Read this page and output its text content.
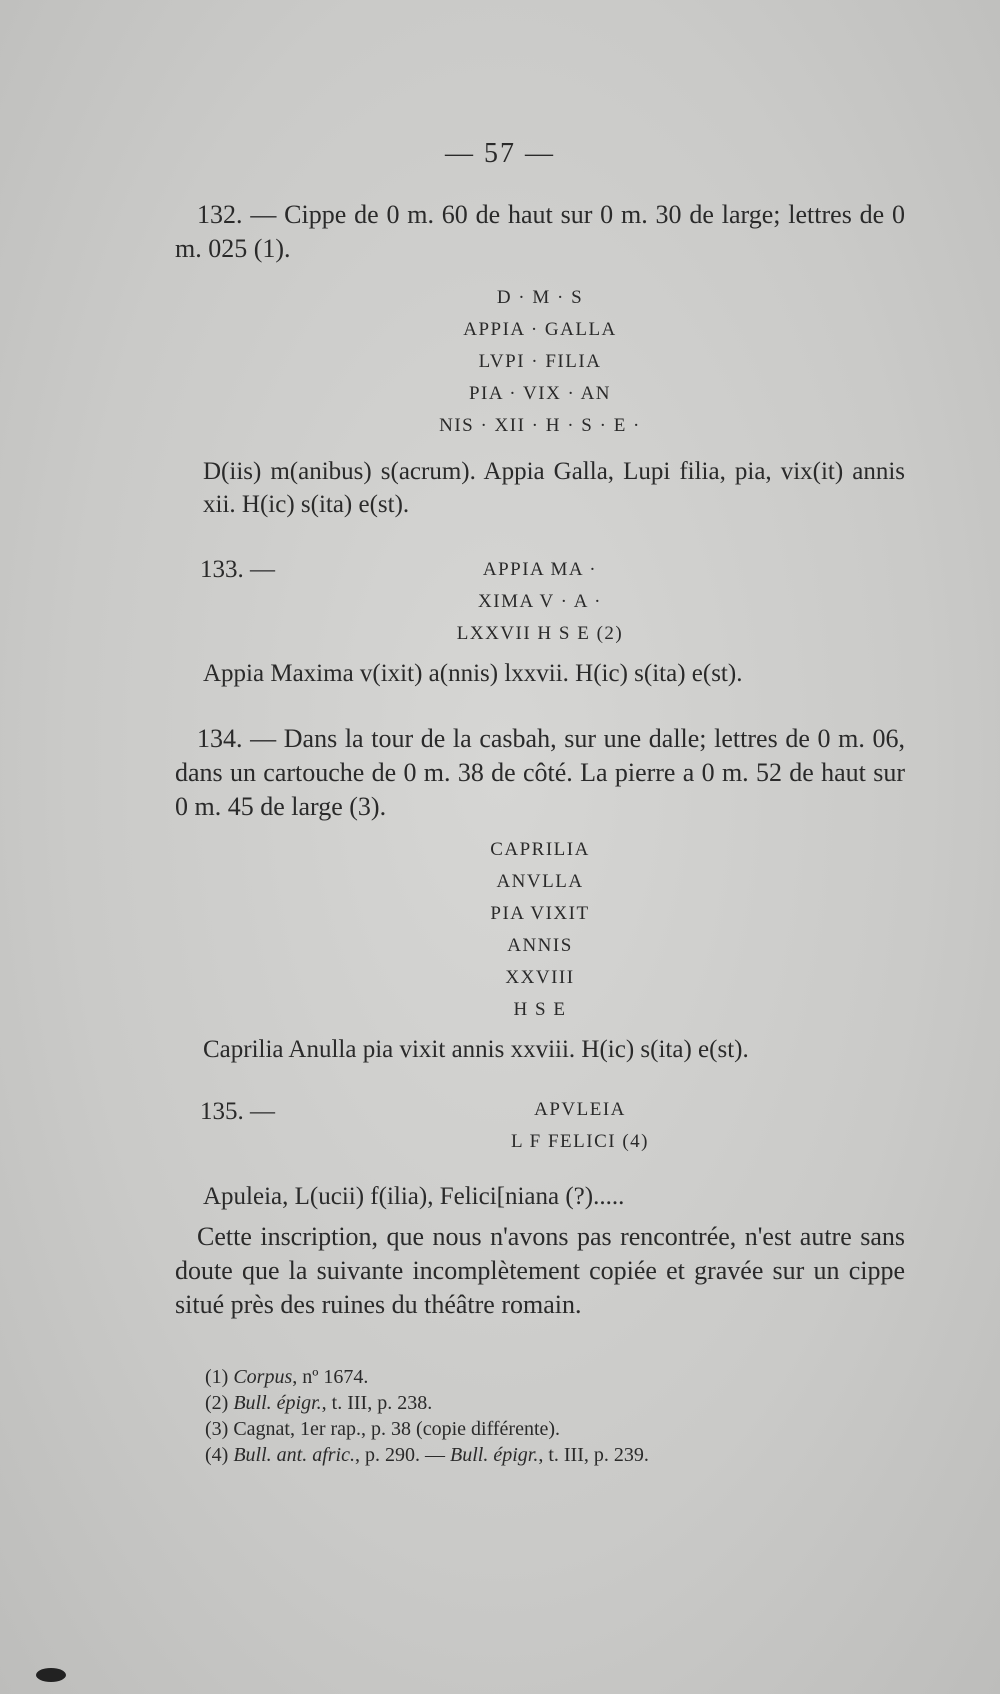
— 57 —

132. — Cippe de 0 m. 60 de haut sur 0 m. 30 de large; lettres de 0 m. 025 (1).

D · M · S
APPIA · GALLA
LVPI · FILIA
PIA · VIX · AN
NIS · XII · H · S · E ·

D(iis) m(anibus) s(acrum). Appia Galla, Lupi filia, pia, vix(it) annis xii. H(ic) s(ita) e(st).

133. —	APPIA MA ·
XIMA V · A ·
LXXVII H S E (2)

Appia Maxima v(ixit) a(nnis) lxxvii. H(ic) s(ita) e(st).

134. — Dans la tour de la casbah, sur une dalle; lettres de 0 m. 06, dans un cartouche de 0 m. 38 de côté. La pierre a 0 m. 52 de haut sur 0 m. 45 de large (3).

CAPRILIA
ANVLLA
PIA VIXIT
ANNIS
XXVIII
H S E

Caprilia Anulla pia vixit annis xxviii. H(ic) s(ita) e(st).

135. —	APVLEIA
L F FELICI (4)

Apuleia, L(ucii) f(ilia), Felici[niana (?).....

Cette inscription, que nous n'avons pas rencontrée, n'est autre sans doute que la suivante incomplètement copiée et gravée sur un cippe situé près des ruines du théâtre romain.

(1) Corpus, nº 1674.

(2) Bull. épigr., t. III, p. 238.

(3) Cagnat, 1er rap., p. 38 (copie différente).

(4) Bull. ant. afric., p. 290. — Bull. épigr., t. III, p. 239.
